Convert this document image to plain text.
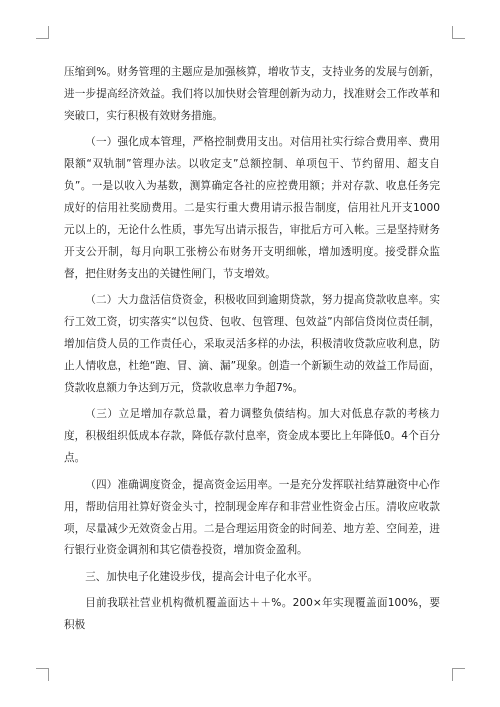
压缩到%。财务管理的主题应是加强核算，增收节支，支持业务的发展与创新，进一步提高经济效益。我们将以加快财会管理创新为动力，找准财会工作改革和突破口，实行积极有效财务措施。

（一）强化成本管理，严格控制费用支出。对信用社实行综合费用率、费用限额“双轨制”管理办法。以收定支”总额控制、单项包干、节约留用、超支自负”。一是以收入为基数，测算确定各社的应控费用额；并对存款、收息任务完成好的信用社奖励费用。二是实行重大费用请示报告制度，信用社凡开支1000元以上的，无论什么性质，事先写出请示报告，审批后方可入帐。三是坚持财务开支公开制，每月向职工张榜公布财务开支明细帐，增加透明度。接受群众监督，把住财务支出的关键性闸门，节支增效。

（二）大力盘活信贷资金，积极收回到逾期贷款，努力提高贷款收息率。实行工效工资，切实落实“以包贷、包收、包管理、包效益”内部信贷岗位责任制，增加信贷人员的工作责任心，采取灵活多样的办法，积极清收贷款应收利息，防止人情收息，杜绝“跑、冒、滴、漏”现象。创造一个新颖生动的效益工作局面，贷款收息额力争达到万元，贷款收息率力争超7%。

（三）立足增加存款总量，着力调整负债结构。加大对低息存款的考核力度，积极组织低成本存款，降低存款付息率，资金成本要比上年降低0。4个百分点。

（四）准确调度资金，提高资金运用率。一是充分发挥联社结算融资中心作用，帮助信用社算好资金头寸，控制现金库存和非营业性资金占压。清收应收款项，尽量减少无效资金占用。二是合理运用资金的时间差、地方差、空间差，进行银行业资金调剂和其它债卷投资，增加资金盈利。

三、加快电子化建设步伐，提高会计电子化水平。

目前我联社营业机构微机覆盖面达＋＋%。200×年实现覆盖面100%，要积极
